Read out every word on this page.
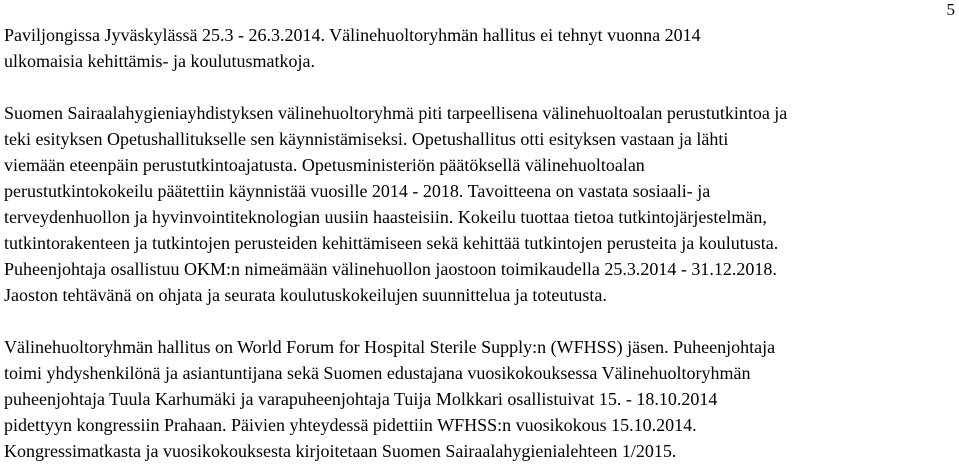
5

Paviljongissa Jyväskylässä 25.3 - 26.3.2014. Välinehuoltoryhmän hallitus ei tehnyt vuonna 2014
ulkomaisia kehittämis- ja koulutusmatkoja.

Suomen Sairaalahygieniayhdistyksen välinehuoltoryhmä piti tarpeellisena välinehuoltoalan perustutkintoa ja
teki esityksen Opetushallitukselle sen käynnistämiseksi. Opetushallitus otti esityksen vastaan ja lähti
viemään eteenpäin perustutkintoajatusta. Opetusministeriön päätöksellä välinehuoltoalan
perustutkintokokeilu päätettiin käynnistää vuosille 2014 - 2018. Tavoitteena on vastata sosiaali- ja
terveydenhuollon ja hyvinvointiteknologian uusiin haasteisiin. Kokeilu tuottaa tietoa tutkintojärjestelmän,
tutkintorakenteen ja tutkintojen perusteiden kehittämiseen sekä kehittää tutkintojen perusteita ja koulutusta.
Puheenjohtaja osallistuu OKM:n nimeämään välinehuollon jaostoon toimikaudella 25.3.2014 - 31.12.2018.
Jaoston tehtävänä on ohjata ja seurata koulutuskokeilujen suunnittelua ja toteutusta.

Välinehuoltoryhmän hallitus on World Forum for Hospital Sterile Supply:n (WFHSS) jäsen. Puheenjohtaja
toimi yhdyshenkilönä ja asiantuntijana sekä Suomen edustajana vuosikokouksessa Välinehuoltoryhmän
puheenjohtaja Tuula Karhumäki ja varapuheenjohtaja Tuija Molkkari osallistuivat 15. - 18.10.2014
pidettyyn kongressiin Prahaan. Päivien yhteydessä pidettiin WFHSS:n vuosikokous 15.10.2014.
Kongressimatkasta ja vuosikokouksesta kirjoitetaan Suomen Sairaalahygienialehteen 1/2015.
